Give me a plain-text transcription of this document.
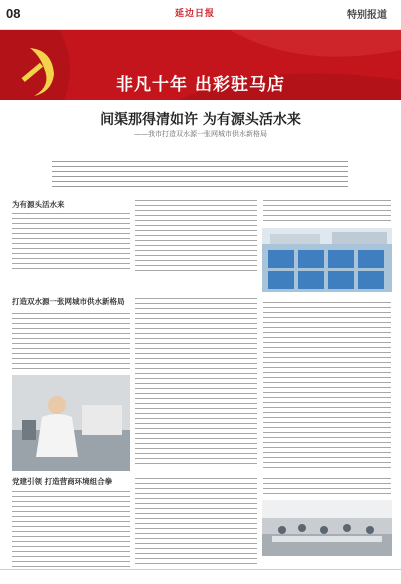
08	延边日报	特别报道
非凡十年 出彩驻马店
间渠那得清如许 为有源头活水来
——我市打造双水源一张网城市供水新格局
为有源头活水来
打造双水源一张网城市供水新格局
党建引领 打造营商环境组合拳
